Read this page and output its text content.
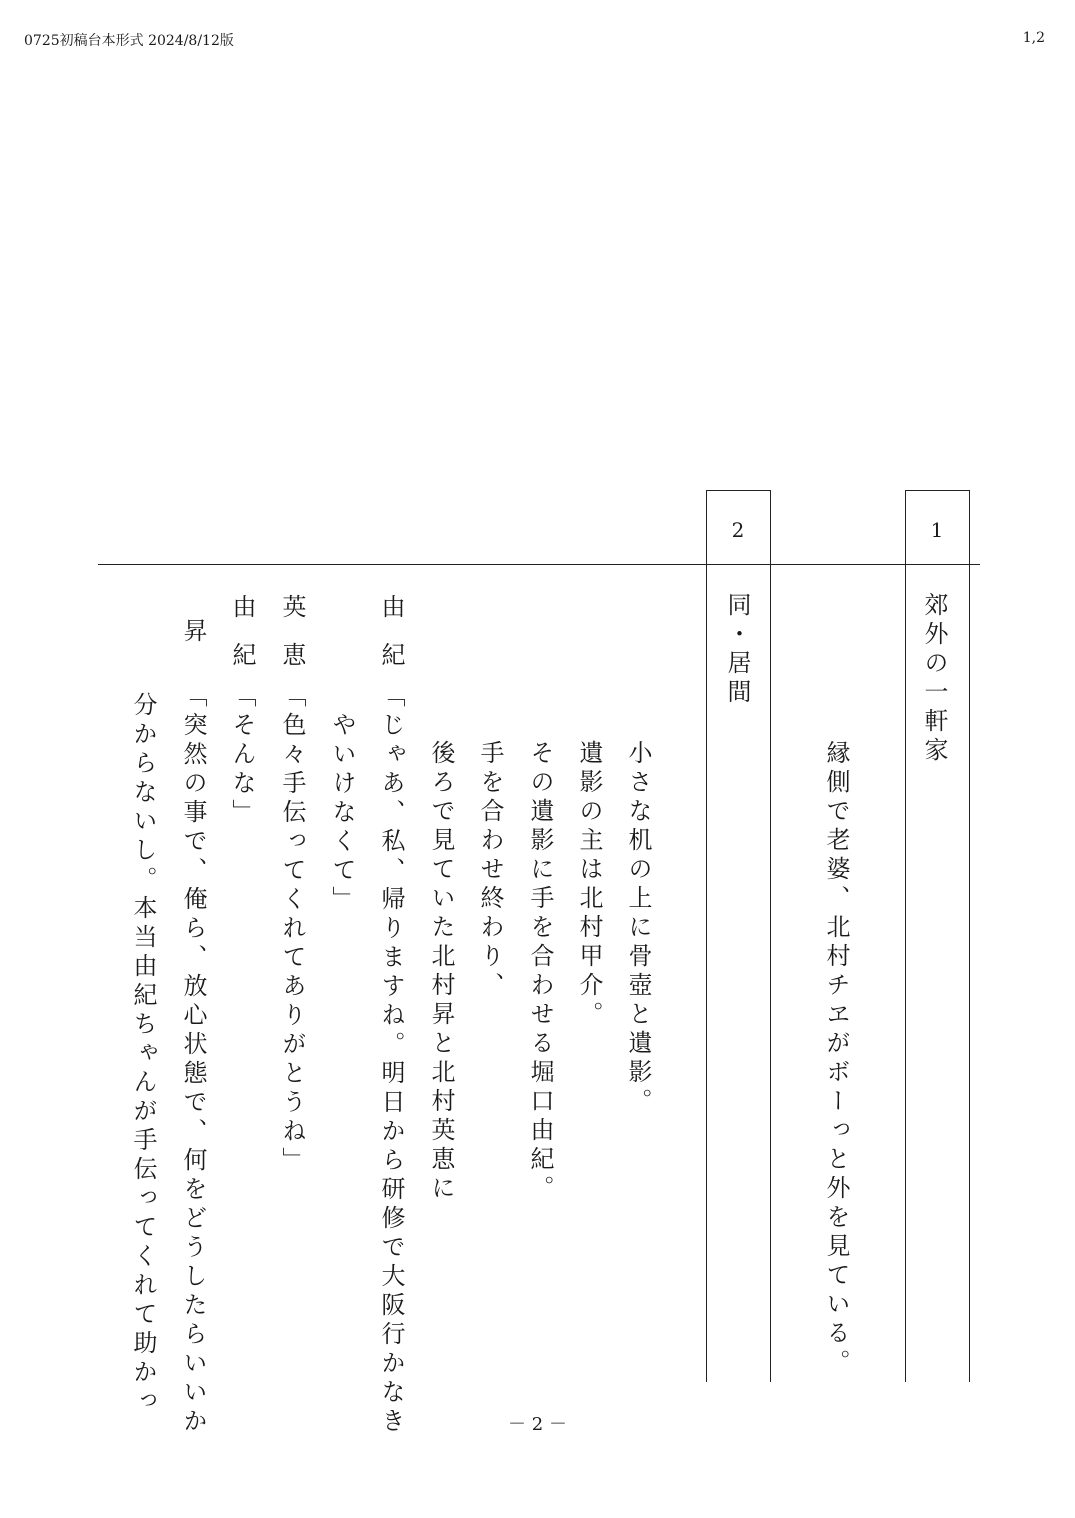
0725初稿台本形式 2024/8/12版	1,2
1
郊外の一軒家
縁側で老婆、北村チヱがボーっと外を見ている。
2
同・居間
小さな机の上に骨壺と遺影。
遺影の主は北村甲介。
その遺影に手を合わせる堀口由紀。
手を合わせ終わり、
後ろで見ていた北村昇と北村英恵に
由　紀
「じゃあ、私、帰りますね。明日から研修で大阪行かなき
やいけなくて」
英　恵
「色々手伝ってくれてありがとうね」
由　紀
「そんな」
昇
「突然の事で、俺ら、放心状態で、何をどうしたらいいか
分からないし。本当由紀ちゃんが手伝ってくれて助かっ
－ 2 －
